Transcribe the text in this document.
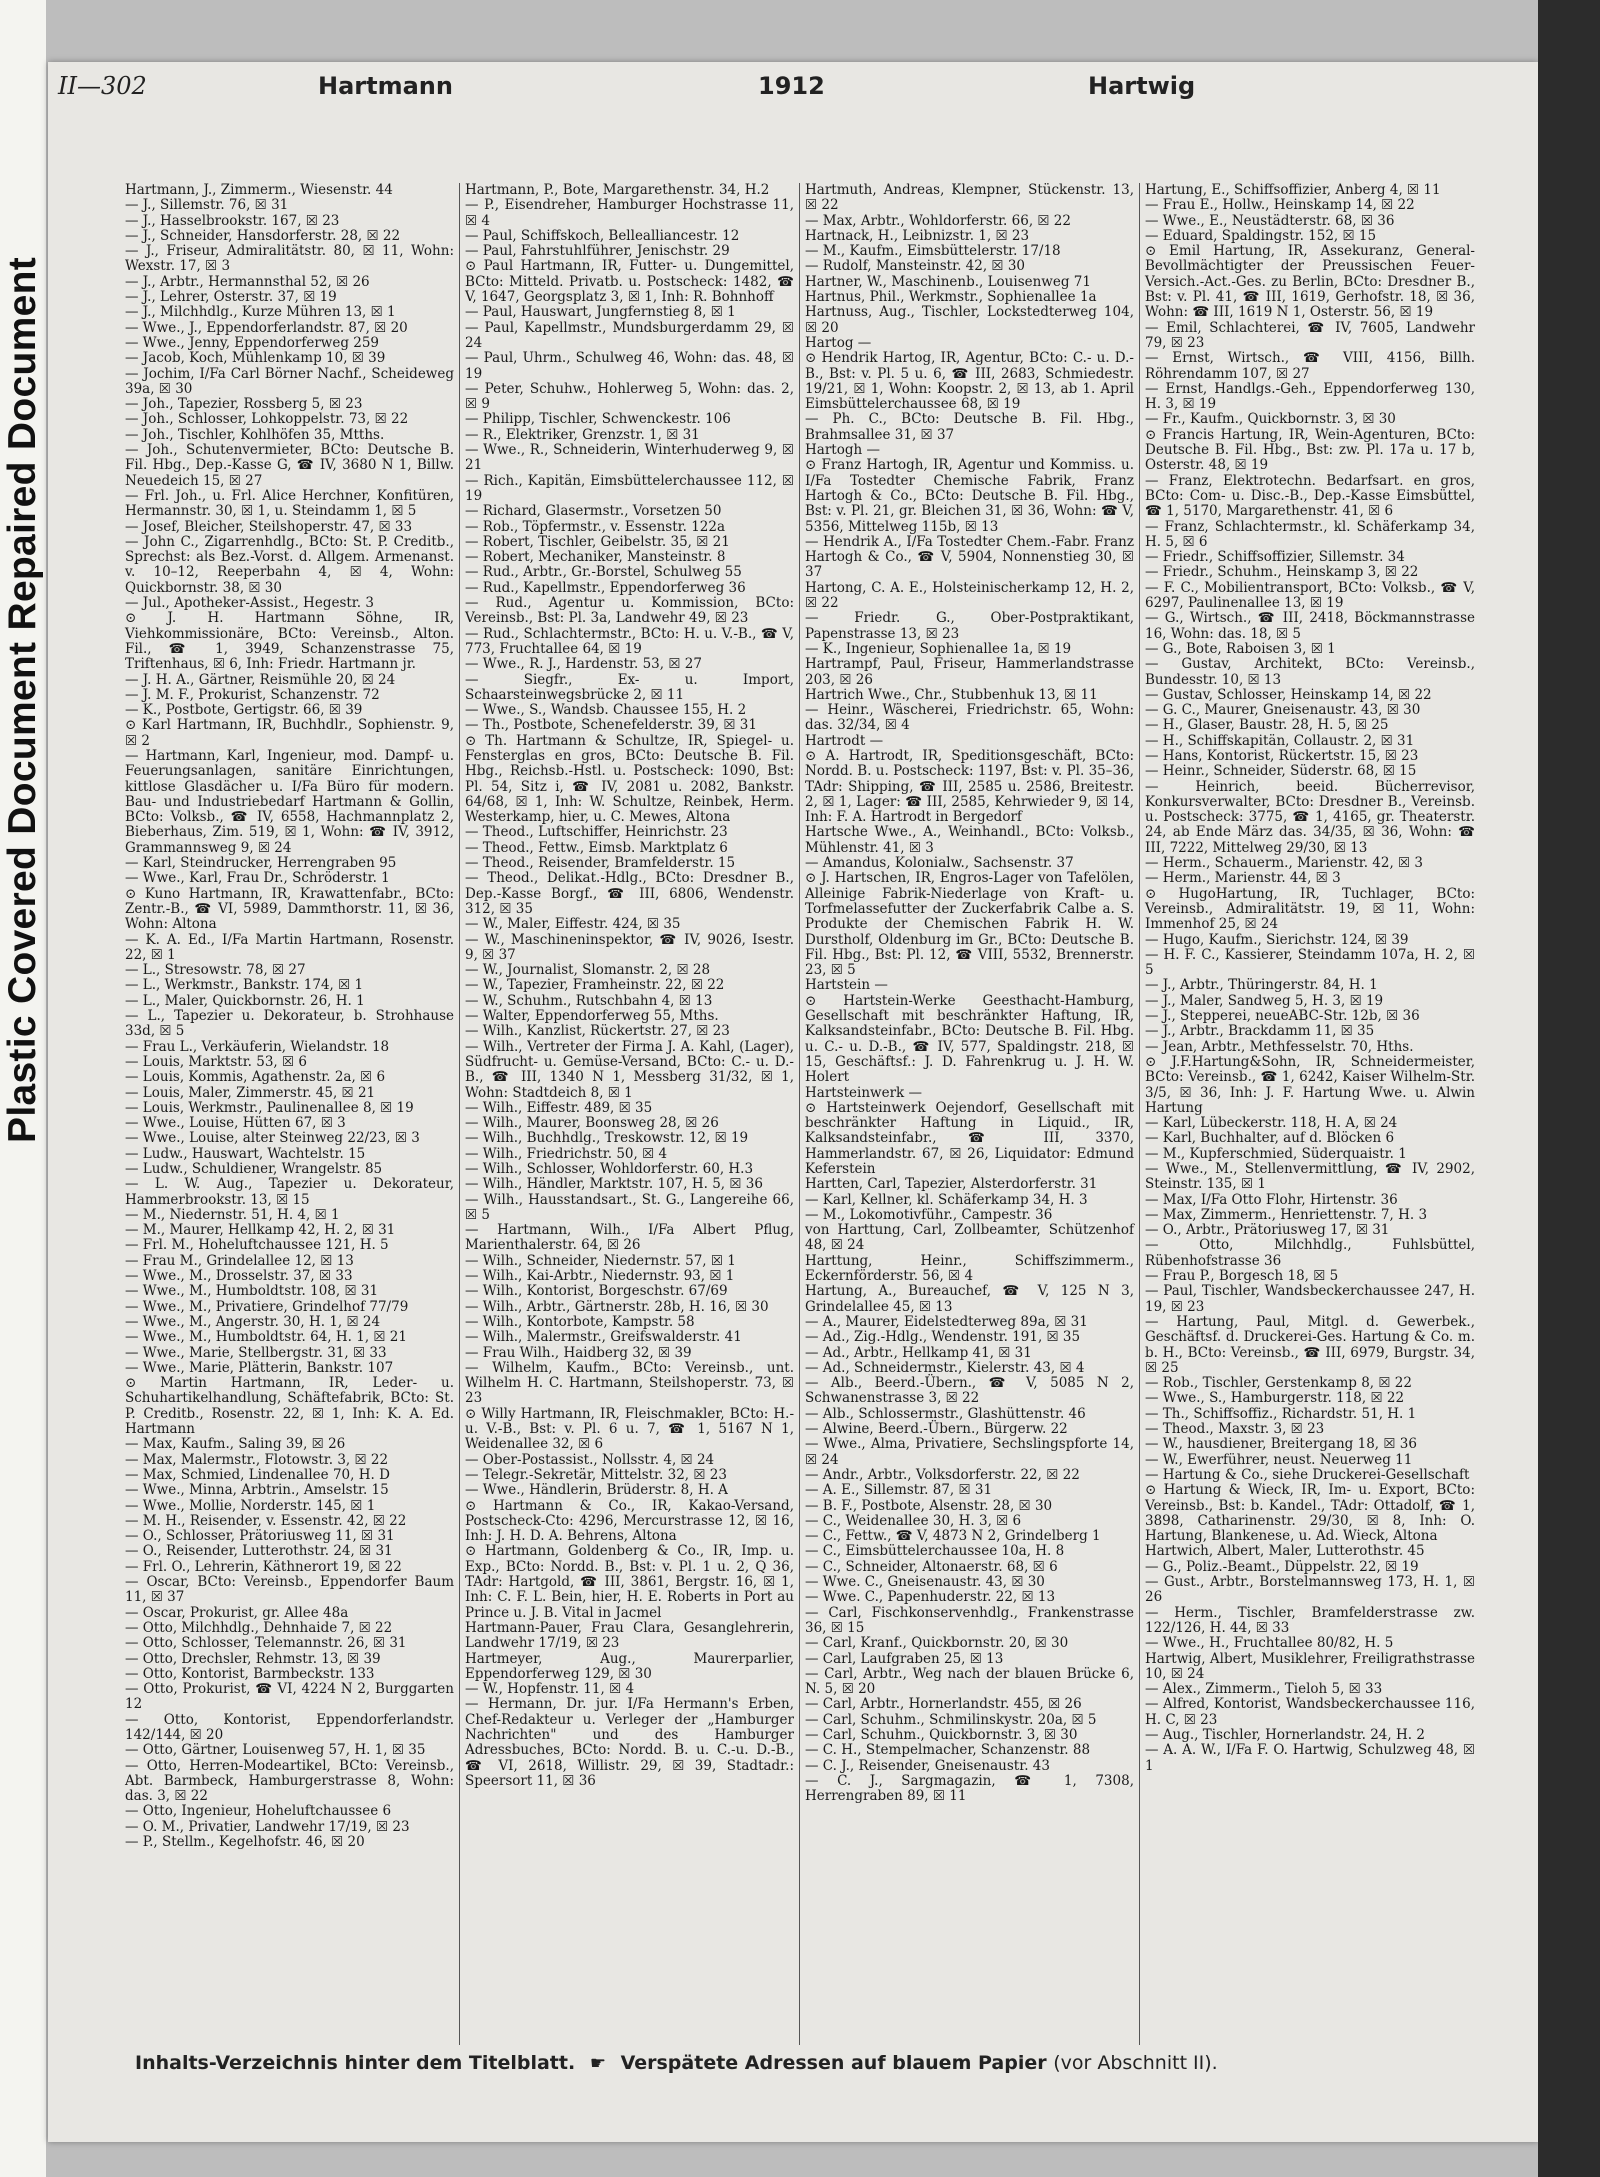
Plastic Covered Document Repaired Document
II—302	Hartmann	1912	Hartwig

Hartmann, J., Zimmerm., Wiesenstr. 44

— J., Sillemstr. 76, ☒ 31

— J., Hasselbrookstr. 167, ☒ 23

— J., Schneider, Hansdorferstr. 28, ☒ 22

— J., Friseur, Admiralitätstr. 80, ☒ 11, Wohn: Wexstr. 17, ☒ 3

— J., Arbtr., Hermannsthal 52, ☒ 26

— J., Lehrer, Osterstr. 37, ☒ 19

— J., Milchhdlg., Kurze Mühren 13, ☒ 1

— Wwe., J., Eppendorferlandstr. 87, ☒ 20

— Wwe., Jenny, Eppendorferweg 259

— Jacob, Koch, Mühlenkamp 10, ☒ 39

— Jochim, I/Fa Carl Börner Nachf., Scheideweg 39a, ☒ 30

— Joh., Tapezier, Rossberg 5, ☒ 23

— Joh., Schlosser, Lohkoppelstr. 73, ☒ 22

— Joh., Tischler, Kohlhöfen 35, Mtths.

— Joh., Schutenvermieter, BCto: Deutsche B. Fil. Hbg., Dep.-Kasse G, ☎ IV, 3680 N 1, Billw. Neuedeich 15, ☒ 27

— Frl. Joh., u. Frl. Alice Herchner, Konfitüren, Hermannstr. 30, ☒ 1, u. Steindamm 1, ☒ 5

— Josef, Bleicher, Steilshoperstr. 47, ☒ 33

— John C., Zigarrenhdlg., BCto: St. P. Creditb., Sprechst: als Bez.-Vorst. d. Allgem. Armenanst. v. 10–12, Reeperbahn 4, ☒ 4, Wohn: Quickbornstr. 38, ☒ 30

— Jul., Apotheker-Assist., Hegestr. 3

⊙ J. H. Hartmann Söhne, IR, Viehkommissionäre, BCto: Vereinsb., Alton. Fil., ☎ 1, 3949, Schanzenstrasse 75, Triftenhaus, ☒ 6, Inh: Friedr. Hartmann jr.

— J. H. A., Gärtner, Reismühle 20, ☒ 24

— J. M. F., Prokurist, Schanzenstr. 72

— K., Postbote, Gertigstr. 66, ☒ 39

⊙ Karl Hartmann, IR, Buchhdlr., Sophienstr. 9, ☒ 2

— Hartmann, Karl, Ingenieur, mod. Dampf- u. Feuerungsanlagen, sanitäre Einrichtungen, kittlose Glasdächer u. I/Fa Büro für modern. Bau- und Industriebedarf Hartmann & Gollin, BCto: Volksb., ☎ IV, 6558, Hachmannplatz 2, Bieberhaus, Zim. 519, ☒ 1, Wohn: ☎ IV, 3912, Grammannsweg 9, ☒ 24

— Karl, Steindrucker, Herrengraben 95

— Wwe., Karl, Frau Dr., Schröderstr. 1

⊙ Kuno Hartmann, IR, Krawattenfabr., BCto: Zentr.-B., ☎ VI, 5989, Dammthorstr. 11, ☒ 36, Wohn: Altona

— K. A. Ed., I/Fa Martin Hartmann, Rosenstr. 22, ☒ 1

— L., Stresowstr. 78, ☒ 27

— L., Werkmstr., Bankstr. 174, ☒ 1

— L., Maler, Quickbornstr. 26, H. 1

— L., Tapezier u. Dekorateur, b. Strohhause 33d, ☒ 5

— Frau L., Verkäuferin, Wielandstr. 18

— Louis, Marktstr. 53, ☒ 6

— Louis, Kommis, Agathenstr. 2a, ☒ 6

— Louis, Maler, Zimmerstr. 45, ☒ 21

— Louis, Werkmstr., Paulinenallee 8, ☒ 19

— Wwe., Louise, Hütten 67, ☒ 3

— Wwe., Louise, alter Steinweg 22/23, ☒ 3

— Ludw., Hauswart, Wachtelstr. 15

— Ludw., Schuldiener, Wrangelstr. 85

— L. W. Aug., Tapezier u. Dekorateur, Hammerbrookstr. 13, ☒ 15

— M., Niedernstr. 51, H. 4, ☒ 1

— M., Maurer, Hellkamp 42, H. 2, ☒ 31

— Frl. M., Hoheluftchaussee 121, H. 5

— Frau M., Grindelallee 12, ☒ 13

— Wwe., M., Drosselstr. 37, ☒ 33

— Wwe., M., Humboldtstr. 108, ☒ 31

— Wwe., M., Privatiere, Grindelhof 77/79

— Wwe., M., Angerstr. 30, H. 1, ☒ 24

— Wwe., M., Humboldtstr. 64, H. 1, ☒ 21

— Wwe., Marie, Stellbergstr. 31, ☒ 33

— Wwe., Marie, Plätterin, Bankstr. 107

⊙ Martin Hartmann, IR, Leder- u. Schuhartikelhandlung, Schäftefabrik, BCto: St. P. Creditb., Rosenstr. 22, ☒ 1, Inh: K. A. Ed. Hartmann

— Max, Kaufm., Saling 39, ☒ 26

— Max, Malermstr., Flotowstr. 3, ☒ 22

— Max, Schmied, Lindenallee 70, H. D

— Wwe., Minna, Arbtrin., Amselstr. 15

— Wwe., Mollie, Norderstr. 145, ☒ 1

— M. H., Reisender, v. Essenstr. 42, ☒ 22

— O., Schlosser, Prätoriusweg 11, ☒ 31

— O., Reisender, Lutterothstr. 24, ☒ 31

— Frl. O., Lehrerin, Käthnerort 19, ☒ 22

— Oscar, BCto: Vereinsb., Eppendorfer Baum 11, ☒ 37

— Oscar, Prokurist, gr. Allee 48a

— Otto, Milchhdlg., Dehnhaide 7, ☒ 22

— Otto, Schlosser, Telemannstr. 26, ☒ 31

— Otto, Drechsler, Rehmstr. 13, ☒ 39

— Otto, Kontorist, Barmbeckstr. 133

— Otto, Prokurist, ☎ VI, 4224 N 2, Burggarten 12

— Otto, Kontorist, Eppendorferlandstr. 142/144, ☒ 20

— Otto, Gärtner, Louisenweg 57, H. 1, ☒ 35

— Otto, Herren-Modeartikel, BCto: Vereinsb., Abt. Barmbeck, Hamburgerstrasse 8, Wohn: das. 3, ☒ 22

— Otto, Ingenieur, Hoheluftchaussee 6

— O. M., Privatier, Landwehr 17/19, ☒ 23

— P., Stellm., Kegelhofstr. 46, ☒ 20

Hartmann, P., Bote, Margarethenstr. 34, H.2

— P., Eisendreher, Hamburger Hochstrasse 11, ☒ 4

— Paul, Schiffskoch, Bellealliancestr. 12

— Paul, Fahrstuhlführer, Jenischstr. 29

⊙ Paul Hartmann, IR, Futter- u. Dungemittel, BCto: Mitteld. Privatb. u. Postscheck: 1482, ☎ V, 1647, Georgsplatz 3, ☒ 1, Inh: R. Bohnhoff

— Paul, Hauswart, Jungfernstieg 8, ☒ 1

— Paul, Kapellmstr., Mundsburgerdamm 29, ☒ 24

— Paul, Uhrm., Schulweg 46, Wohn: das. 48, ☒ 19

— Peter, Schuhw., Hohlerweg 5, Wohn: das. 2, ☒ 9

— Philipp, Tischler, Schwenckestr. 106

— R., Elektriker, Grenzstr. 1, ☒ 31

— Wwe., R., Schneiderin, Winterhuderweg 9, ☒ 21

— Rich., Kapitän, Eimsbüttelerchaussee 112, ☒ 19

— Richard, Glasermstr., Vorsetzen 50

— Rob., Töpfermstr., v. Essenstr. 122a

— Robert, Tischler, Geibelstr. 35, ☒ 21

— Robert, Mechaniker, Mansteinstr. 8

— Rud., Arbtr., Gr.-Borstel, Schulweg 55

— Rud., Kapellmstr., Eppendorferweg 36

— Rud., Agentur u. Kommission, BCto: Vereinsb., Bst: Pl. 3a, Landwehr 49, ☒ 23

— Rud., Schlachtermstr., BCto: H. u. V.-B., ☎ V, 773, Fruchtallee 64, ☒ 19

— Wwe., R. J., Hardenstr. 53, ☒ 27

— Siegfr., Ex- u. Import, Schaarsteinwegsbrücke 2, ☒ 11

— Wwe., S., Wandsb. Chaussee 155, H. 2

— Th., Postbote, Schenefelderstr. 39, ☒ 31

⊙ Th. Hartmann & Schultze, IR, Spiegel- u. Fensterglas en gros, BCto: Deutsche B. Fil. Hbg., Reichsb.-Hstl. u. Postscheck: 1090, Bst: Pl. 54, Sitz i, ☎ IV, 2081 u. 2082, Bankstr. 64/68, ☒ 1, Inh: W. Schultze, Reinbek, Herm. Westerkamp, hier, u. C. Mewes, Altona

— Theod., Luftschiffer, Heinrichstr. 23

— Theod., Fettw., Eimsb. Marktplatz 6

— Theod., Reisender, Bramfelderstr. 15

— Theod., Delikat.-Hdlg., BCto: Dresdner B., Dep.-Kasse Borgf., ☎ III, 6806, Wendenstr. 312, ☒ 35

— W., Maler, Eiffestr. 424, ☒ 35

— W., Maschineninspektor, ☎ IV, 9026, Isestr. 9, ☒ 37

— W., Journalist, Slomanstr. 2, ☒ 28

— W., Tapezier, Framheinstr. 22, ☒ 22

— W., Schuhm., Rutschbahn 4, ☒ 13

— Walter, Eppendorferweg 55, Mths.

— Wilh., Kanzlist, Rückertstr. 27, ☒ 23

— Wilh., Vertreter der Firma J. A. Kahl, (Lager), Südfrucht- u. Gemüse-Versand, BCto: C.- u. D.-B., ☎ III, 1340 N 1, Messberg 31/32, ☒ 1, Wohn: Stadtdeich 8, ☒ 1

— Wilh., Eiffestr. 489, ☒ 35

— Wilh., Maurer, Boonsweg 28, ☒ 26

— Wilh., Buchhdlg., Treskowstr. 12, ☒ 19

— Wilh., Friedrichstr. 50, ☒ 4

— Wilh., Schlosser, Wohldorferstr. 60, H.3

— Wilh., Händler, Marktstr. 107, H. 5, ☒ 36

— Wilh., Hausstandsart., St. G., Langereihe 66, ☒ 5

— Hartmann, Wilh., I/Fa Albert Pflug, Marienthalerstr. 64, ☒ 26

— Wilh., Schneider, Niedernstr. 57, ☒ 1

— Wilh., Kai-Arbtr., Niedernstr. 93, ☒ 1

— Wilh., Kontorist, Borgeschstr. 67/69

— Wilh., Arbtr., Gärtnerstr. 28b, H. 16, ☒ 30

— Wilh., Kontorbote, Kampstr. 58

— Wilh., Malermstr., Greifswalderstr. 41

— Frau Wilh., Haidberg 32, ☒ 39

— Wilhelm, Kaufm., BCto: Vereinsb., unt. Wilhelm H. C. Hartmann, Steilshoperstr. 73, ☒ 23

⊙ Willy Hartmann, IR, Fleischmakler, BCto: H.-u. V.-B., Bst: v. Pl. 6 u. 7, ☎ 1, 5167 N 1, Weidenallee 32, ☒ 6

— Ober-Postassist., Nollsstr. 4, ☒ 24

— Telegr.-Sekretär, Mittelstr. 32, ☒ 23

— Wwe., Händlerin, Brüderstr. 8, H. A

⊙ Hartmann & Co., IR, Kakao-Versand, Postscheck-Cto: 4296, Mercurstrasse 12, ☒ 16, Inh: J. H. D. A. Behrens, Altona

⊙ Hartmann, Goldenberg & Co., IR, Imp. u. Exp., BCto: Nordd. B., Bst: v. Pl. 1 u. 2, Q 36, TAdr: Hartgold, ☎ III, 3861, Bergstr. 16, ☒ 1, Inh: C. F. L. Bein, hier, H. E. Roberts in Port au Prince u. J. B. Vital in Jacmel

Hartmann-Pauer, Frau Clara, Gesanglehrerin, Landwehr 17/19, ☒ 23

Hartmeyer, Aug., Maurerparlier, Eppendorferweg 129, ☒ 30

— W., Hopfenstr. 11, ☒ 4

— Hermann, Dr. jur. I/Fa Hermann's Erben, Chef-Redakteur u. Verleger der „Hamburger Nachrichten" und des Hamburger Adressbuches, BCto: Nordd. B. u. C.-u. D.-B., ☎ VI, 2618, Willistr. 29, ☒ 39, Stadtadr.: Speersort 11, ☒ 36

Hartmuth, Andreas, Klempner, Stückenstr. 13, ☒ 22

— Max, Arbtr., Wohldorferstr. 66, ☒ 22

Hartnack, H., Leibnizstr. 1, ☒ 23

— M., Kaufm., Eimsbüttelerstr. 17/18

— Rudolf, Mansteinstr. 42, ☒ 30

Hartner, W., Maschinenb., Louisenweg 71

Hartnus, Phil., Werkmstr., Sophienallee 1a

Hartnuss, Aug., Tischler, Lockstedterweg 104, ☒ 20

Hartog —

⊙ Hendrik Hartog, IR, Agentur, BCto: C.- u. D.-B., Bst: v. Pl. 5 u. 6, ☎ III, 2683, Schmiedestr. 19/21, ☒ 1, Wohn: Koopstr. 2, ☒ 13, ab 1. April Eimsbüttelerchaussee 68, ☒ 19

— Ph. C., BCto: Deutsche B. Fil. Hbg., Brahmsallee 31, ☒ 37

Hartogh —

⊙ Franz Hartogh, IR, Agentur und Kommiss. u. I/Fa Tostedter Chemische Fabrik, Franz Hartogh & Co., BCto: Deutsche B. Fil. Hbg., Bst: v. Pl. 21, gr. Bleichen 31, ☒ 36, Wohn: ☎ V, 5356, Mittelweg 115b, ☒ 13

— Hendrik A., I/Fa Tostedter Chem.-Fabr. Franz Hartogh & Co., ☎ V, 5904, Nonnenstieg 30, ☒ 37

Hartong, C. A. E., Holsteinischerkamp 12, H. 2, ☒ 22

— Friedr. G., Ober-Postpraktikant, Papenstrasse 13, ☒ 23

— K., Ingenieur, Sophienallee 1a, ☒ 19

Hartrampf, Paul, Friseur, Hammerlandstrasse 203, ☒ 26

Hartrich Wwe., Chr., Stubbenhuk 13, ☒ 11

— Heinr., Wäscherei, Friedrichstr. 65, Wohn: das. 32/34, ☒ 4

Hartrodt —

⊙ A. Hartrodt, IR, Speditionsgeschäft, BCto: Nordd. B. u. Postscheck: 1197, Bst: v. Pl. 35–36, TAdr: Shipping, ☎ III, 2585 u. 2586, Breitestr. 2, ☒ 1, Lager: ☎ III, 2585, Kehrwieder 9, ☒ 14, Inh: F. A. Hartrodt in Bergedorf

Hartsche Wwe., A., Weinhandl., BCto: Volksb., Mühlenstr. 41, ☒ 3

— Amandus, Kolonialw., Sachsenstr. 37

⊙ J. Hartschen, IR, Engros-Lager von Tafelölen, Alleinige Fabrik-Niederlage von Kraft- u. Torfmelassefutter der Zuckerfabrik Calbe a. S. Produkte der Chemischen Fabrik H. W. Durstholf, Oldenburg im Gr., BCto: Deutsche B. Fil. Hbg., Bst: Pl. 12, ☎ VIII, 5532, Brennerstr. 23, ☒ 5

Hartstein —

⊙ Hartstein-Werke Geesthacht-Hamburg, Gesellschaft mit beschränkter Haftung, IR, Kalksandsteinfabr., BCto: Deutsche B. Fil. Hbg. u. C.- u. D.-B., ☎ IV, 577, Spaldingstr. 218, ☒ 15, Geschäftsf.: J. D. Fahrenkrug u. J. H. W. Holert

Hartsteinwerk —

⊙ Hartsteinwerk Oejendorf, Gesellschaft mit beschränkter Haftung in Liquid., IR, Kalksandsteinfabr., ☎ III, 3370, Hammerlandstr. 67, ☒ 26, Liquidator: Edmund Keferstein

Hartten, Carl, Tapezier, Alsterdorferstr. 31

— Karl, Kellner, kl. Schäferkamp 34, H. 3

— M., Lokomotivführ., Campestr. 36

von Harttung, Carl, Zollbeamter, Schützenhof 48, ☒ 24

Harttung, Heinr., Schiffszimmerm., Eckernförderstr. 56, ☒ 4

Hartung, A., Bureauchef, ☎ V, 125 N 3, Grindelallee 45, ☒ 13

— A., Maurer, Eidelstedterweg 89a, ☒ 31

— Ad., Zig.-Hdlg., Wendenstr. 191, ☒ 35

— Ad., Arbtr., Hellkamp 41, ☒ 31

— Ad., Schneidermstr., Kielerstr. 43, ☒ 4

— Alb., Beerd.-Übern., ☎ V, 5085 N 2, Schwanenstrasse 3, ☒ 22

— Alb., Schlossermstr., Glashüttenstr. 46

— Alwine, Beerd.-Übern., Bürgerw. 22

— Wwe., Alma, Privatiere, Sechslingspforte 14, ☒ 24

— Andr., Arbtr., Volksdorferstr. 22, ☒ 22

— A. E., Sillemstr. 87, ☒ 31

— B. F., Postbote, Alsenstr. 28, ☒ 30

— C., Weidenallee 30, H. 3, ☒ 6

— C., Fettw., ☎ V, 4873 N 2, Grindelberg 1

— C., Eimsbüttelerchaussee 10a, H. 8

— C., Schneider, Altonaerstr. 68, ☒ 6

— Wwe. C., Gneisenaustr. 43, ☒ 30

— Wwe. C., Papenhuderstr. 22, ☒ 13

— Carl, Fischkonservenhdlg., Frankenstrasse 36, ☒ 15

— Carl, Kranf., Quickbornstr. 20, ☒ 30

— Carl, Laufgraben 25, ☒ 13

— Carl, Arbtr., Weg nach der blauen Brücke 6, N. 5, ☒ 20

— Carl, Arbtr., Hornerlandstr. 455, ☒ 26

— Carl, Schuhm., Schmilinskystr. 20a, ☒ 5

— Carl, Schuhm., Quickbornstr. 3, ☒ 30

— C. H., Stempelmacher, Schanzenstr. 88

— C. J., Reisender, Gneisenaustr. 43

— C. J., Sargmagazin, ☎ 1, 7308, Herrengraben 89, ☒ 11

Hartung, E., Schiffsoffizier, Anberg 4, ☒ 11

— Frau E., Hollw., Heinskamp 14, ☒ 22

— Wwe., E., Neustädterstr. 68, ☒ 36

— Eduard, Spaldingstr. 152, ☒ 15

⊙ Emil Hartung, IR, Assekuranz, General-Bevollmächtigter der Preussischen Feuer-Versich.-Act.-Ges. zu Berlin, BCto: Dresdner B., Bst: v. Pl. 41, ☎ III, 1619, Gerhofstr. 18, ☒ 36, Wohn: ☎ III, 1619 N 1, Osterstr. 56, ☒ 19

— Emil, Schlachterei, ☎ IV, 7605, Landwehr 79, ☒ 23

— Ernst, Wirtsch., ☎ VIII, 4156, Billh. Röhrendamm 107, ☒ 27

— Ernst, Handlgs.-Geh., Eppendorferweg 130, H. 3, ☒ 19

— Fr., Kaufm., Quickbornstr. 3, ☒ 30

⊙ Francis Hartung, IR, Wein-Agenturen, BCto: Deutsche B. Fil. Hbg., Bst: zw. Pl. 17a u. 17 b, Osterstr. 48, ☒ 19

— Franz, Elektrotechn. Bedarfsart. en gros, BCto: Com- u. Disc.-B., Dep.-Kasse Eimsbüttel, ☎ 1, 5170, Margarethenstr. 41, ☒ 6

— Franz, Schlachtermstr., kl. Schäferkamp 34, H. 5, ☒ 6

— Friedr., Schiffsoffizier, Sillemstr. 34

— Friedr., Schuhm., Heinskamp 3, ☒ 22

— F. C., Mobilientransport, BCto: Volksb., ☎ V, 6297, Paulinenallee 13, ☒ 19

— G., Wirtsch., ☎ III, 2418, Böckmannstrasse 16, Wohn: das. 18, ☒ 5

— G., Bote, Raboisen 3, ☒ 1

— Gustav, Architekt, BCto: Vereinsb., Bundesstr. 10, ☒ 13

— Gustav, Schlosser, Heinskamp 14, ☒ 22

— G. C., Maurer, Gneisenaustr. 43, ☒ 30

— H., Glaser, Baustr. 28, H. 5, ☒ 25

— H., Schiffskapitän, Collaustr. 2, ☒ 31

— Hans, Kontorist, Rückertstr. 15, ☒ 23

— Heinr., Schneider, Süderstr. 68, ☒ 15

— Heinrich, beeid. Bücherrevisor, Konkursverwalter, BCto: Dresdner B., Vereinsb. u. Postscheck: 3775, ☎ 1, 4165, gr. Theaterstr. 24, ab Ende März das. 34/35, ☒ 36, Wohn: ☎ III, 7222, Mittelweg 29/30, ☒ 13

— Herm., Schauerm., Marienstr. 42, ☒ 3

— Herm., Marienstr. 44, ☒ 3

⊙ HugoHartung, IR, Tuchlager, BCto: Vereinsb., Admiralitätstr. 19, ☒ 11, Wohn: Immenhof 25, ☒ 24

— Hugo, Kaufm., Sierichstr. 124, ☒ 39

— H. F. C., Kassierer, Steindamm 107a, H. 2, ☒ 5

— J., Arbtr., Thüringerstr. 84, H. 1

— J., Maler, Sandweg 5, H. 3, ☒ 19

— J., Stepperei, neueABC-Str. 12b, ☒ 36

— J., Arbtr., Brackdamm 11, ☒ 35

— Jean, Arbtr., Methfesselstr. 70, Hths.

⊙ J.F.Hartung&Sohn, IR, Schneidermeister, BCto: Vereinsb., ☎ 1, 6242, Kaiser Wilhelm-Str. 3/5, ☒ 36, Inh: J. F. Hartung Wwe. u. Alwin Hartung

— Karl, Lübeckerstr. 118, H. A, ☒ 24

— Karl, Buchhalter, auf d. Blöcken 6

— M., Kupferschmied, Süderquaistr. 1

— Wwe., M., Stellenvermittlung, ☎ IV, 2902, Steinstr. 135, ☒ 1

— Max, I/Fa Otto Flohr, Hirtenstr. 36

— Max, Zimmerm., Henriettenstr. 7, H. 3

— O., Arbtr., Prätoriusweg 17, ☒ 31

— Otto, Milchhdlg., Fuhlsbüttel, Rübenhofstrasse 36

— Frau P., Borgesch 18, ☒ 5

— Paul, Tischler, Wandsbeckerchaussee 247, H. 19, ☒ 23

— Hartung, Paul, Mitgl. d. Gewerbek., Geschäftsf. d. Druckerei-Ges. Hartung & Co. m. b. H., BCto: Vereinsb., ☎ III, 6979, Burgstr. 34, ☒ 25

— Rob., Tischler, Gerstenkamp 8, ☒ 22

— Wwe., S., Hamburgerstr. 118, ☒ 22

— Th., Schiffsoffiz., Richardstr. 51, H. 1

— Theod., Maxstr. 3, ☒ 23

— W., hausdiener, Breitergang 18, ☒ 36

— W., Ewerführer, neust. Neuerweg 11

— Hartung & Co., siehe Druckerei-Gesellschaft

⊙ Hartung & Wieck, IR, Im- u. Export, BCto: Vereinsb., Bst: b. Kandel., TAdr: Ottadolf, ☎ 1, 3898, Catharinenstr. 29/30, ☒ 8, Inh: O. Hartung, Blankenese, u. Ad. Wieck, Altona

Hartwich, Albert, Maler, Lutterothstr. 45

— G., Poliz.-Beamt., Düppelstr. 22, ☒ 19

— Gust., Arbtr., Borstelmannsweg 173, H. 1, ☒ 26

— Herm., Tischler, Bramfelderstrasse zw. 122/126, H. 44, ☒ 33

— Wwe., H., Fruchtallee 80/82, H. 5

Hartwig, Albert, Musiklehrer, Freiligrathstrasse 10, ☒ 24

— Alex., Zimmerm., Tieloh 5, ☒ 33

— Alfred, Kontorist, Wandsbeckerchaussee 116, H. C, ☒ 23

— Aug., Tischler, Hornerlandstr. 24, H. 2

— A. A. W., I/Fa F. O. Hartwig, Schulzweg 48, ☒ 1

Inhalts-Verzeichnis hinter dem Titelblatt. ☛ Verspätete Adressen auf blauem Papier (vor Abschnitt II).
